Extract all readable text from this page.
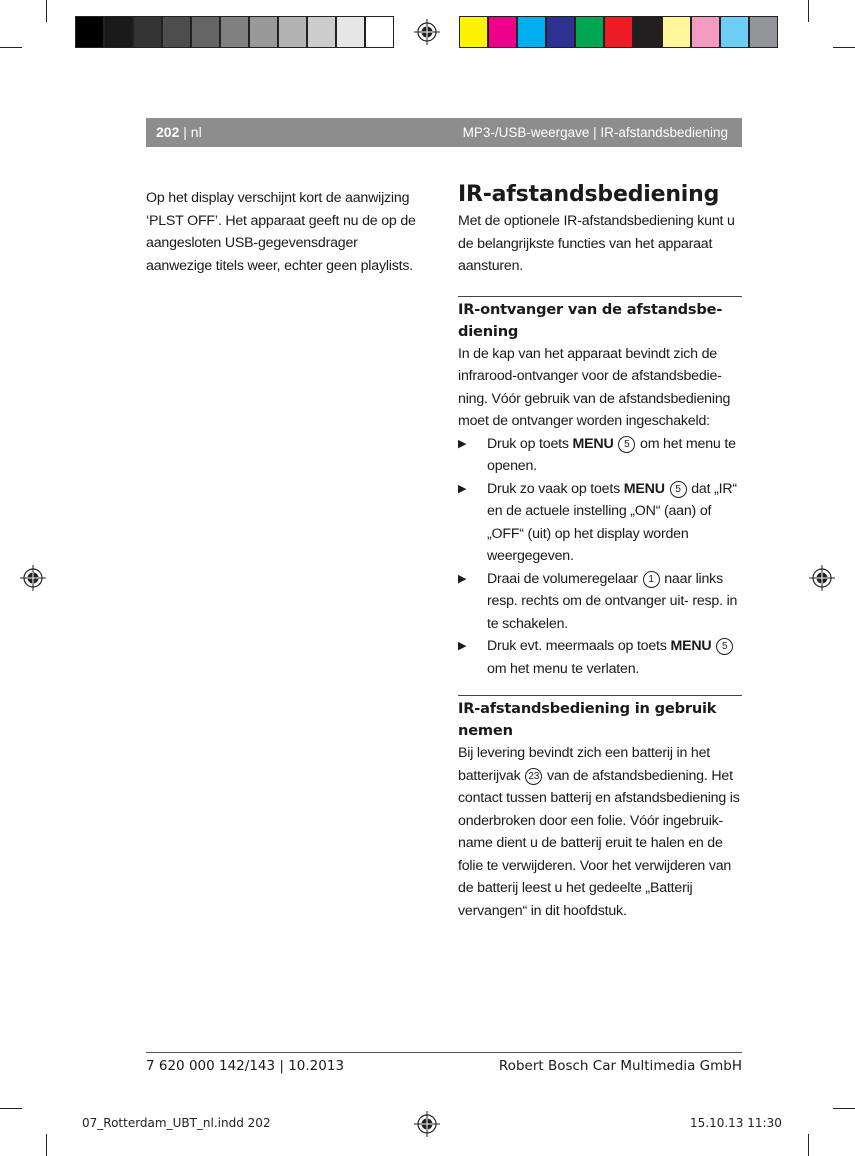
202 | nl	MP3-/USB-weergave | IR-afstandsbediening

Op het display verschijnt kort de aanwijzing ‘PLST OFF’. Het apparaat geeft nu de op de aangesloten USB-gegevensdrager aanwezige titels weer, echter geen playlists.

IR-afstandsbediening

Met de optionele IR-afstandsbediening kunt u de belangrijkste functies van het apparaat aansturen.

IR-ontvanger van de afstandsbe-diening

In de kap van het apparaat bevindt zich de infrarood-ontvanger voor de afstandsbedie-ning. Vóór gebruik van de afstandsbediening moet de ontvanger worden ingeschakeld:

▶ Druk op toets MENU 5 om het menu te openen.
▶ Druk zo vaak op toets MENU 5 dat „IR“ en de actuele instelling „ON“ (aan) of „OFF“ (uit) op het display worden weergegeven.
▶ Draai de volumeregelaar 1 naar links resp. rechts om de ontvanger uit- resp. in te schakelen.
▶ Druk evt. meermaals op toets MENU 5 om het menu te verlaten.
IR-afstandsbediening in gebruik nemen

Bij levering bevindt zich een batterij in het batterijvak 23 van de afstandsbediening. Het contact tussen batterij en afstandsbediening is onderbroken door een folie. Vóór ingebruik-name dient u de batterij eruit te halen en de folie te verwijderen. Voor het verwijderen van de batterij leest u het gedeelte „Batterij vervangen“ in dit hoofdstuk.

7 620 000 142/143 | 10.2013	Robert Bosch Car Multimedia GmbH
07_Rotterdam_UBT_nl.indd 202	15.10.13 11:30
